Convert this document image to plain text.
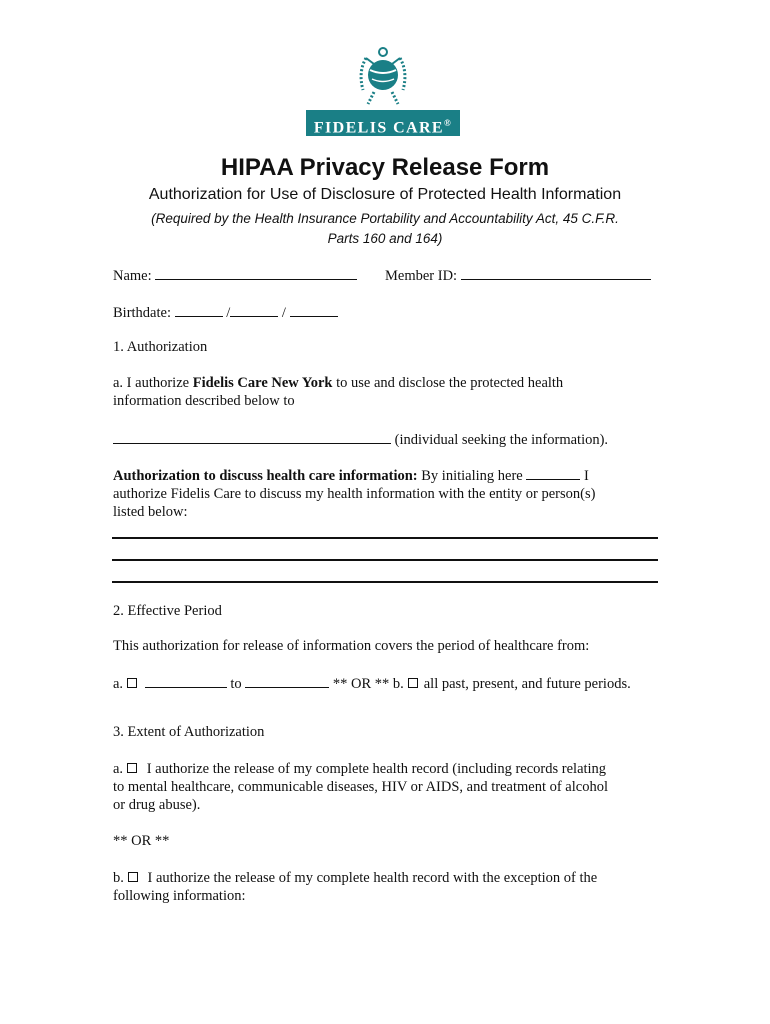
FIDELIS CARE®
HIPAA Privacy Release Form
Authorization for Use of Disclosure of Protected Health Information
(Required by the Health Insurance Portability and Accountability Act, 45 C.F.R.
Parts 160 and 164)
Name:	Member ID:
Birthdate:	/	/
1. Authorization
a. I authorize Fidelis Care New York to use and disclose the protected health
information described below to
(individual seeking the information).
Authorization to discuss health care information: By initialing here	I
authorize Fidelis Care to discuss my health information with the entity or person(s)
listed below:
2. Effective Period
This authorization for release of information covers the period of healthcare from:
a.	to	** OR ** b. all past, present, and future periods.
3. Extent of Authorization
a. I authorize the release of my complete health record (including records relating
to mental healthcare, communicable diseases, HIV or AIDS, and treatment of alcohol
or drug abuse).
** OR **
b. I authorize the release of my complete health record with the exception of the
following information:
